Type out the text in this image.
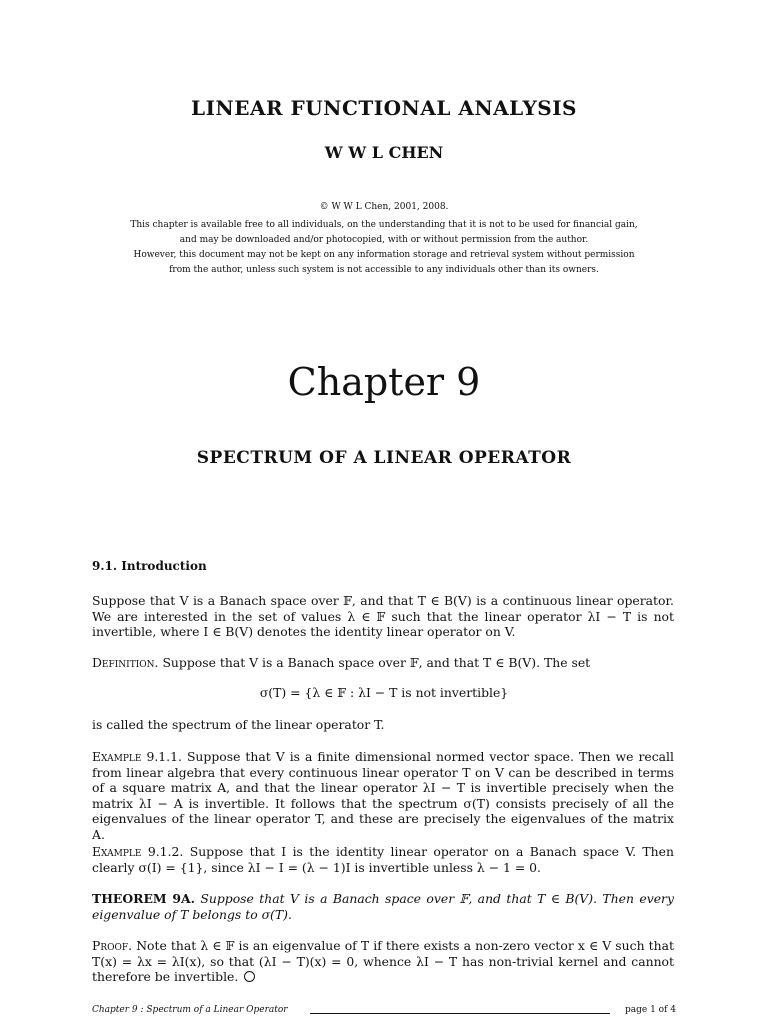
LINEAR FUNCTIONAL ANALYSIS
W W L CHEN
© W W L Chen, 2001, 2008.
This chapter is available free to all individuals, on the understanding that it is not to be used for financial gain,
and may be downloaded and/or photocopied, with or without permission from the author.
However, this document may not be kept on any information storage and retrieval system without permission
from the author, unless such system is not accessible to any individuals other than its owners.
Chapter 9
SPECTRUM OF A LINEAR OPERATOR
9.1. Introduction
Suppose that V is a Banach space over 𝔽, and that T ∈ B(V) is a continuous linear operator. We are interested in the set of values λ ∈ 𝔽 such that the linear operator λI − T is not invertible, where I ∈ B(V) denotes the identity linear operator on V.
Definition. Suppose that V is a Banach space over 𝔽, and that T ∈ B(V). The set
σ(T) = {λ ∈ 𝔽 : λI − T is not invertible}
is called the spectrum of the linear operator T.
Example 9.1.1. Suppose that V is a finite dimensional normed vector space. Then we recall from linear algebra that every continuous linear operator T on V can be described in terms of a square matrix A, and that the linear operator λI − T is invertible precisely when the matrix λI − A is invertible. It follows that the spectrum σ(T) consists precisely of all the eigenvalues of the linear operator T, and these are precisely the eigenvalues of the matrix A.
Example 9.1.2. Suppose that I is the identity linear operator on a Banach space V. Then clearly σ(I) = {1}, since λI − I = (λ − 1)I is invertible unless λ − 1 = 0.
THEOREM 9A. Suppose that V is a Banach space over 𝔽, and that T ∈ B(V). Then every eigenvalue of T belongs to σ(T).
Proof. Note that λ ∈ 𝔽 is an eigenvalue of T if there exists a non-zero vector x ∈ V such that T(x) = λx = λI(x), so that (λI − T)(x) = 0, whence λI − T has non-trivial kernel and cannot therefore be invertible.
Chapter 9 : Spectrum of a Linear Operator	page 1 of 4
